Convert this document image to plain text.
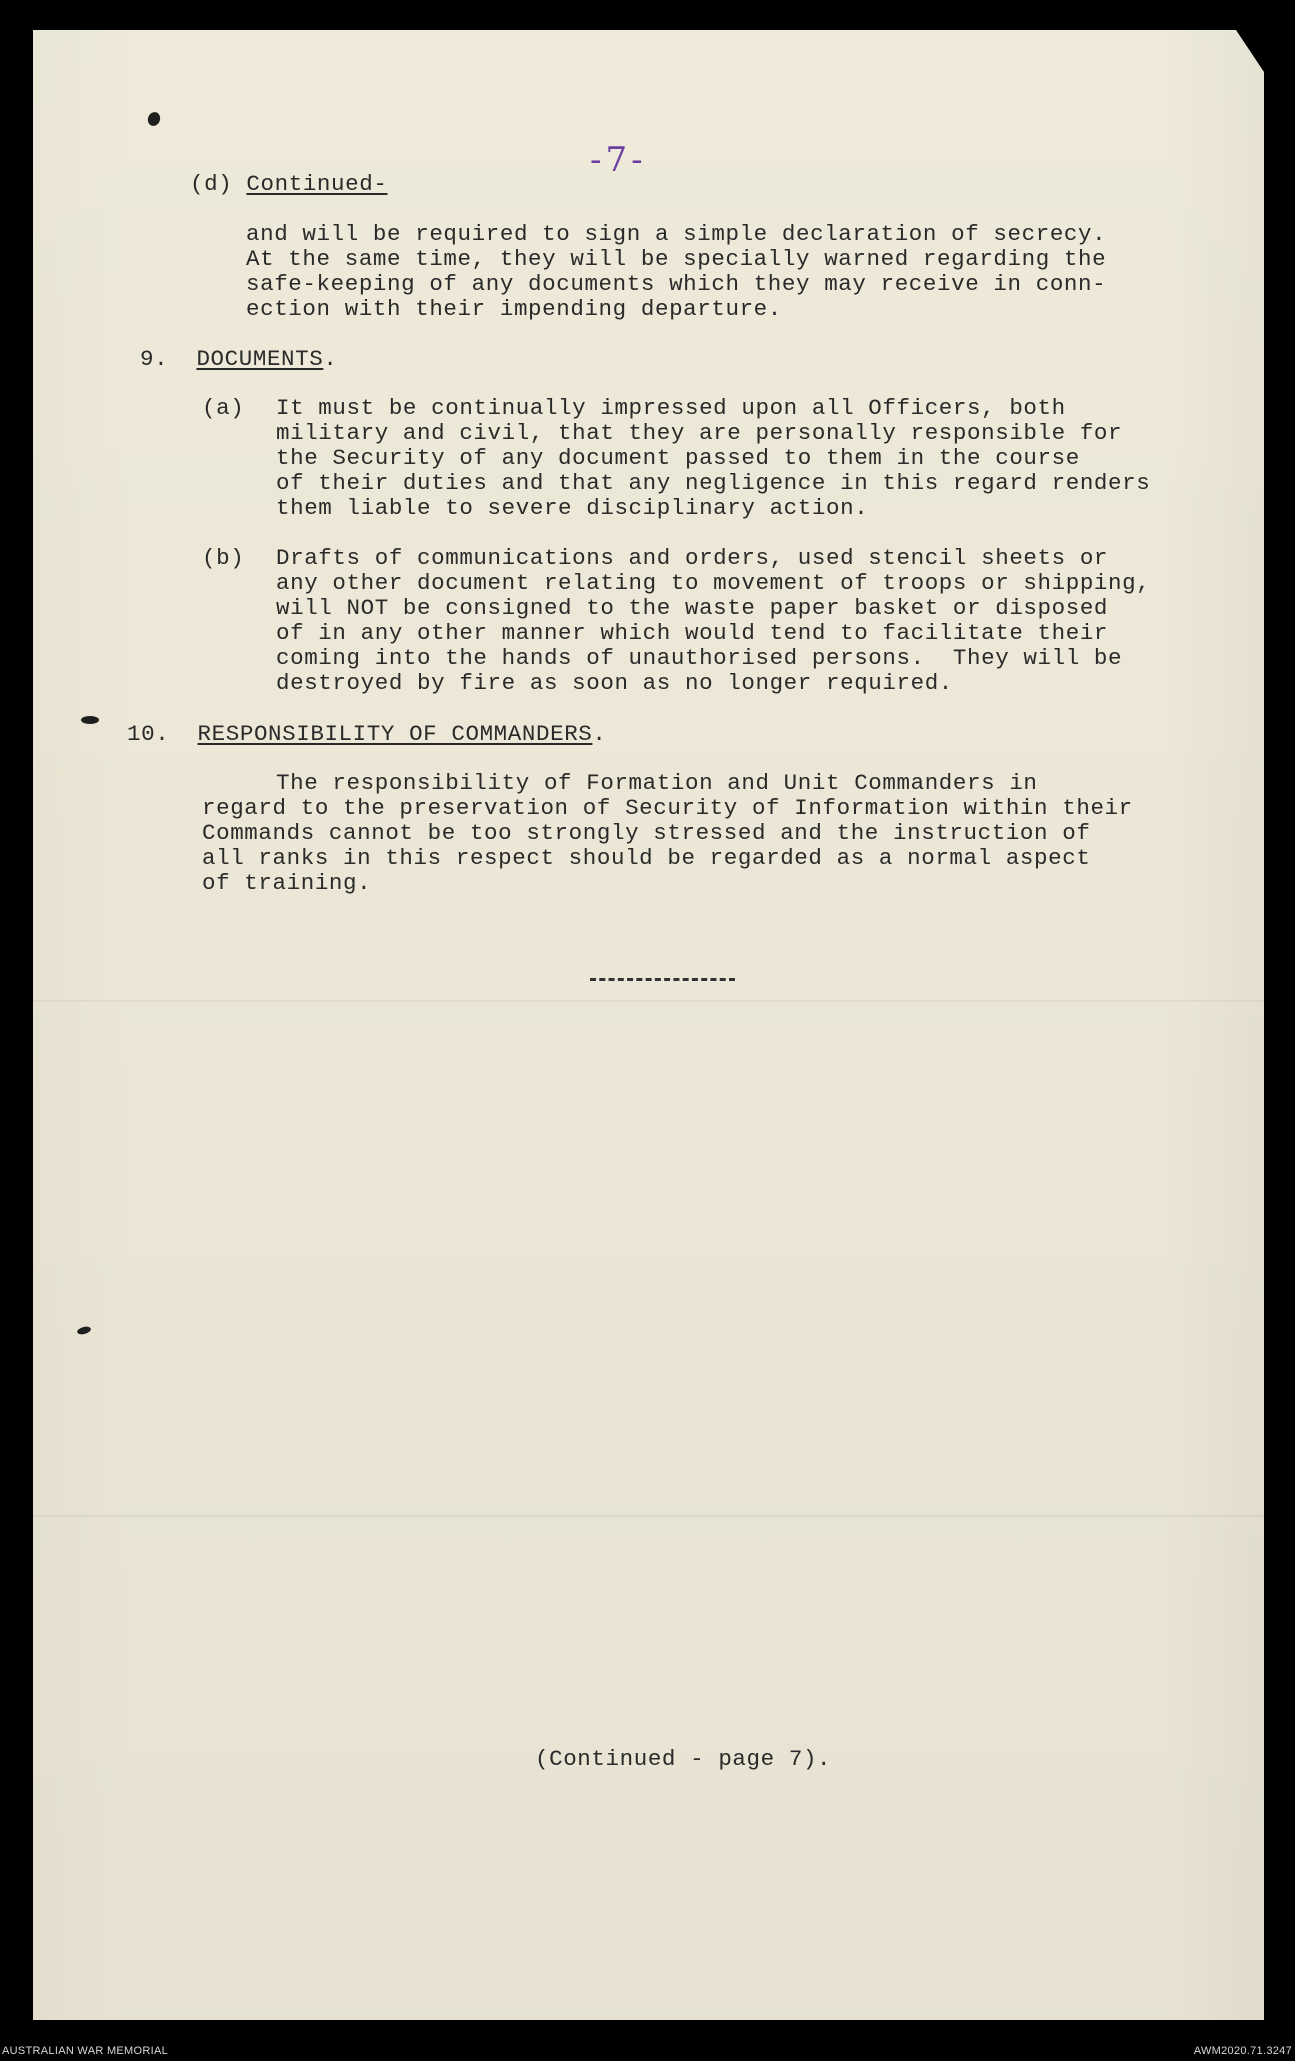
-7-
(d) Continued-
and will be required to sign a simple declaration of secrecy.
At the same time, they will be specially warned regarding the
safe-keeping of any documents which they may receive in conn-
ection with their impending departure.
9. DOCUMENTS.
(a) It must be continually impressed upon all Officers, both
military and civil, that they are personally responsible for
the Security of any document passed to them in the course
of their duties and that any negligence in this regard renders
them liable to severe disciplinary action.
(b) Drafts of communications and orders, used stencil sheets or
any other document relating to movement of troops or shipping,
will NOT be consigned to the waste paper basket or disposed
of in any other manner which would tend to facilitate their
coming into the hands of unauthorised persons.  They will be
destroyed by fire as soon as no longer required.
10. RESPONSIBILITY OF COMMANDERS.
The responsibility of Formation and Unit Commanders in
regard to the preservation of Security of Information within their
Commands cannot be too strongly stressed and the instruction of
all ranks in this respect should be regarded as a normal aspect
of training.
(Continued - page 7).
AUSTRALIAN WAR MEMORIAL	AWM2020.71.3247
